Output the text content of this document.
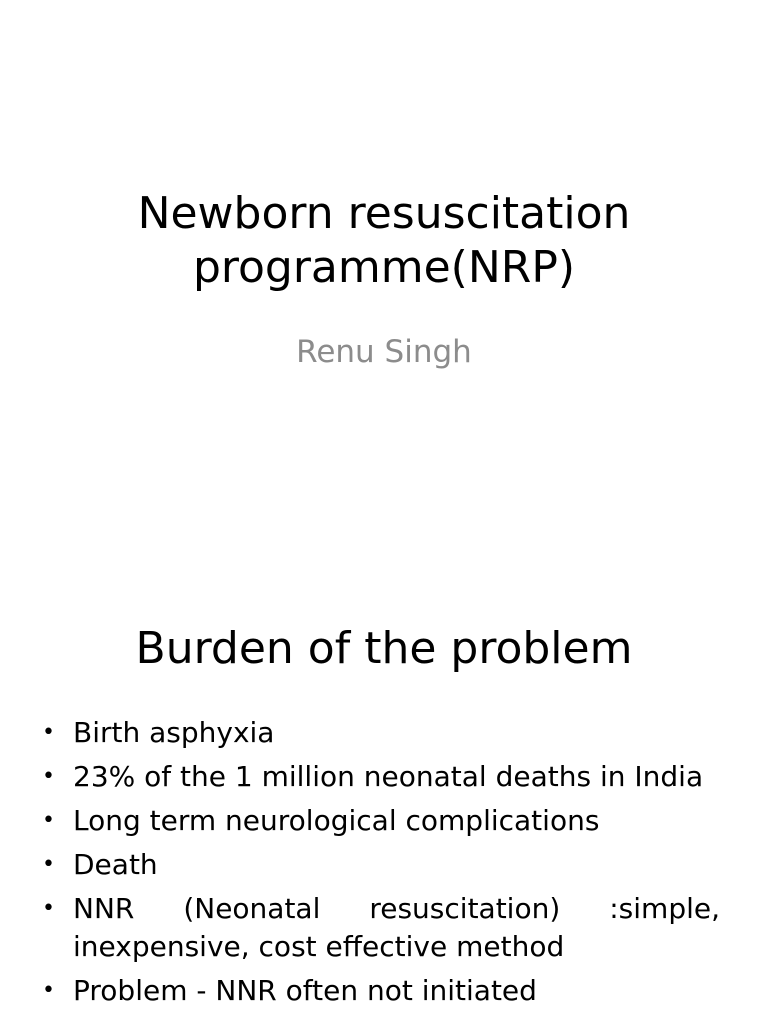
Newborn resuscitation programme(NRP)
Renu Singh
Burden of the problem
• Birth asphyxia
• 23% of the 1 million neonatal deaths in India
• Long term neurological complications
• Death
• NNR (Neonatal resuscitation) :simple, inexpensive, cost effective method
• Problem - NNR often not initiated
